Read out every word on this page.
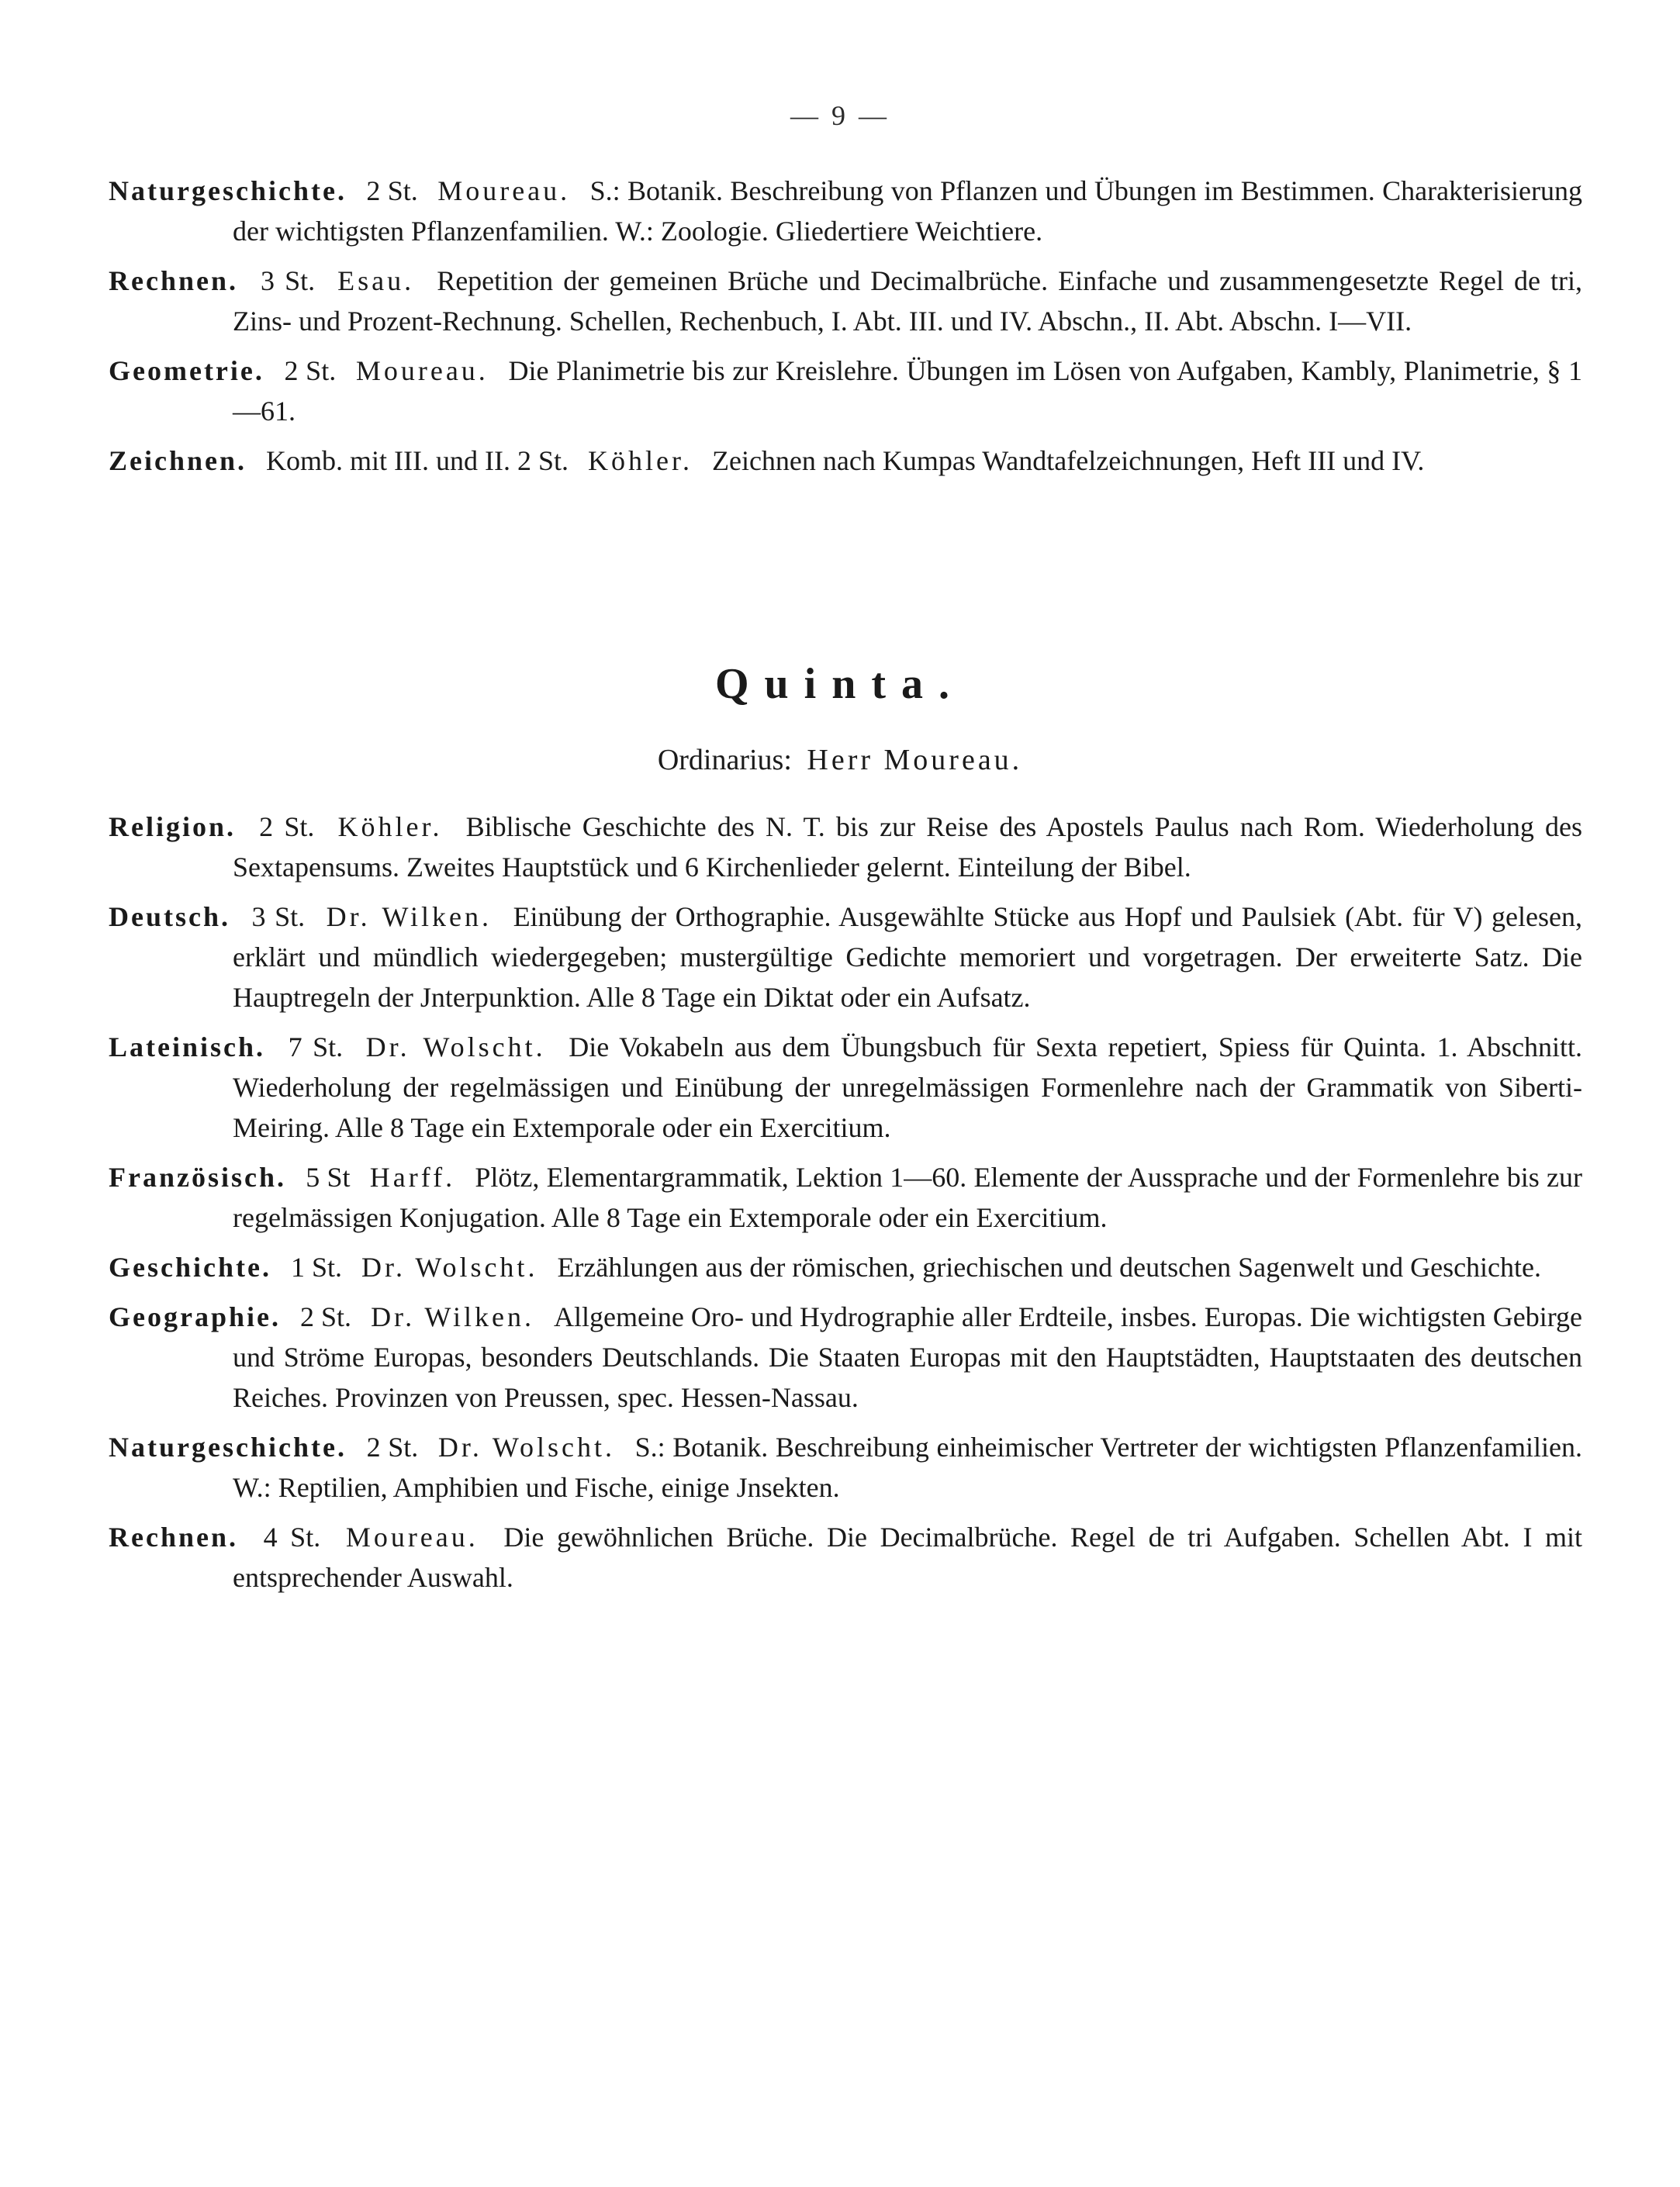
— 9 —

Naturgeschichte. 2 St. Moureau. S.: Botanik. Beschreibung von Pflanzen und Übungen im Bestimmen. Charakterisierung der wichtigsten Pflanzenfamilien. W.: Zoologie. Gliedertiere Weichtiere.

Rechnen. 3 St. Esau. Repetition der gemeinen Brüche und Decimalbrüche. Einfache und zusammengesetzte Regel de tri, Zins- und Prozent-Rechnung. Schellen, Rechenbuch, I. Abt. III. und IV. Abschn., II. Abt. Abschn. I—VII.

Geometrie. 2 St. Moureau. Die Planimetrie bis zur Kreislehre. Übungen im Lösen von Aufgaben, Kambly, Planimetrie, § 1—61.

Zeichnen. Komb. mit III. und II. 2 St. Köhler. Zeichnen nach Kumpas Wandtafelzeichnungen, Heft III und IV.

Quinta.
Ordinarius: Herr Moureau.

Religion. 2 St. Köhler. Biblische Geschichte des N. T. bis zur Reise des Apostels Paulus nach Rom. Wiederholung des Sextapensums. Zweites Hauptstück und 6 Kirchenlieder gelernt. Einteilung der Bibel.

Deutsch. 3 St. Dr. Wilken. Einübung der Orthographie. Ausgewählte Stücke aus Hopf und Paulsiek (Abt. für V) gelesen, erklärt und mündlich wiedergegeben; mustergültige Gedichte memoriert und vorgetragen. Der erweiterte Satz. Die Hauptregeln der Jnterpunktion. Alle 8 Tage ein Diktat oder ein Aufsatz.

Lateinisch. 7 St. Dr. Wolscht. Die Vokabeln aus dem Übungsbuch für Sexta repetiert, Spiess für Quinta. 1. Abschnitt. Wiederholung der regelmässigen und Einübung der unregelmässigen Formenlehre nach der Grammatik von Siberti-Meiring. Alle 8 Tage ein Extemporale oder ein Exercitium.

Französisch. 5 St Harff. Plötz, Elementargrammatik, Lektion 1—60. Elemente der Aussprache und der Formenlehre bis zur regelmässigen Konjugation. Alle 8 Tage ein Extemporale oder ein Exercitium.

Geschichte. 1 St. Dr. Wolscht. Erzählungen aus der römischen, griechischen und deutschen Sagenwelt und Geschichte.

Geographie. 2 St. Dr. Wilken. Allgemeine Oro- und Hydrographie aller Erdteile, insbes. Europas. Die wichtigsten Gebirge und Ströme Europas, besonders Deutschlands. Die Staaten Europas mit den Hauptstädten, Hauptstaaten des deutschen Reiches. Provinzen von Preussen, spec. Hessen-Nassau.

Naturgeschichte. 2 St. Dr. Wolscht. S.: Botanik. Beschreibung einheimischer Vertreter der wichtigsten Pflanzenfamilien. W.: Reptilien, Amphibien und Fische, einige Jnsekten.

Rechnen. 4 St. Moureau. Die gewöhnlichen Brüche. Die Decimalbrüche. Regel de tri Aufgaben. Schellen Abt. I mit entsprechender Auswahl.
